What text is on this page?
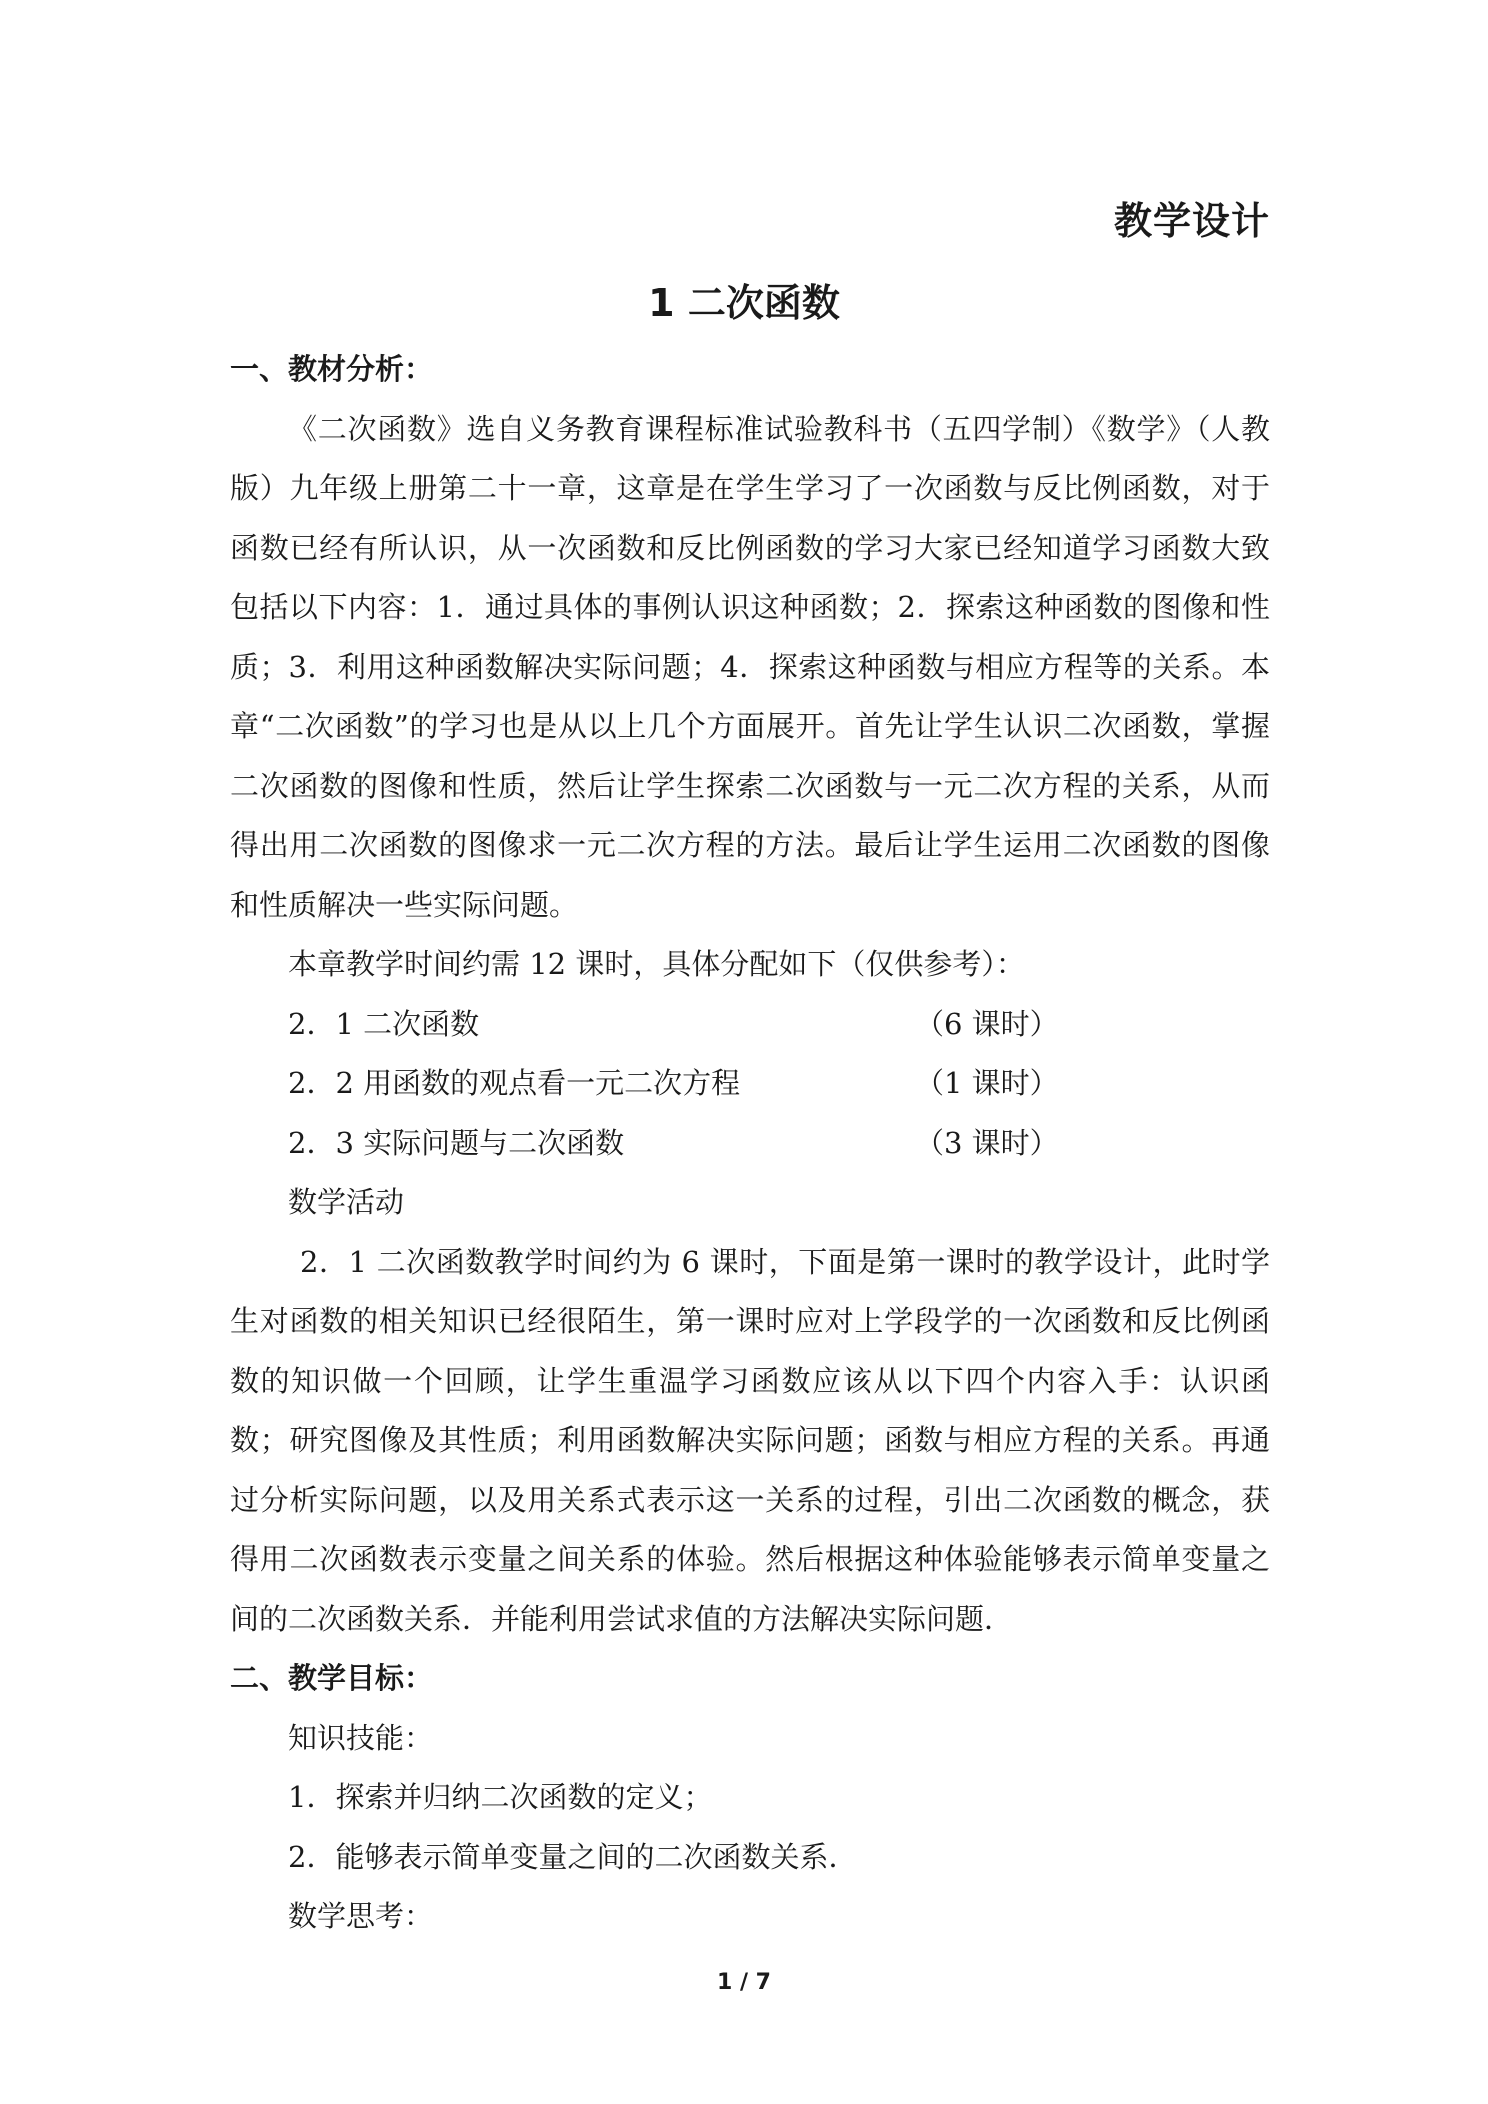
教学设计
1 二次函数
一、教材分析：
《二次函数》选自义务教育课程标准试验教科书（五四学制）《数学》（人教版）九年级上册第二十一章，这章是在学生学习了一次函数与反比例函数，对于函数已经有所认识，从一次函数和反比例函数的学习大家已经知道学习函数大致包括以下内容：1．通过具体的事例认识这种函数；2．探索这种函数的图像和性质；3．利用这种函数解决实际问题；4．探索这种函数与相应方程等的关系。本章“二次函数”的学习也是从以上几个方面展开。首先让学生认识二次函数，掌握二次函数的图像和性质，然后让学生探索二次函数与一元二次方程的关系，从而得出用二次函数的图像求一元二次方程的方法。最后让学生运用二次函数的图像和性质解决一些实际问题。
本章教学时间约需 12 课时，具体分配如下（仅供参考）：
2．1 二次函数	（6 课时）
2．2 用函数的观点看一元二次方程	（1 课时）
2．3 实际问题与二次函数	（3 课时）
数学活动
2．1 二次函数教学时间约为 6 课时，下面是第一课时的教学设计，此时学生对函数的相关知识已经很陌生，第一课时应对上学段学的一次函数和反比例函数的知识做一个回顾，让学生重温学习函数应该从以下四个内容入手：认识函数；研究图像及其性质；利用函数解决实际问题；函数与相应方程的关系。再通过分析实际问题，以及用关系式表示这一关系的过程，引出二次函数的概念，获得用二次函数表示变量之间关系的体验。然后根据这种体验能够表示简单变量之间的二次函数关系．并能利用尝试求值的方法解决实际问题．
二、教学目标：
知识技能：
1．探索并归纳二次函数的定义；
2．能够表示简单变量之间的二次函数关系．
数学思考：
1 / 7
